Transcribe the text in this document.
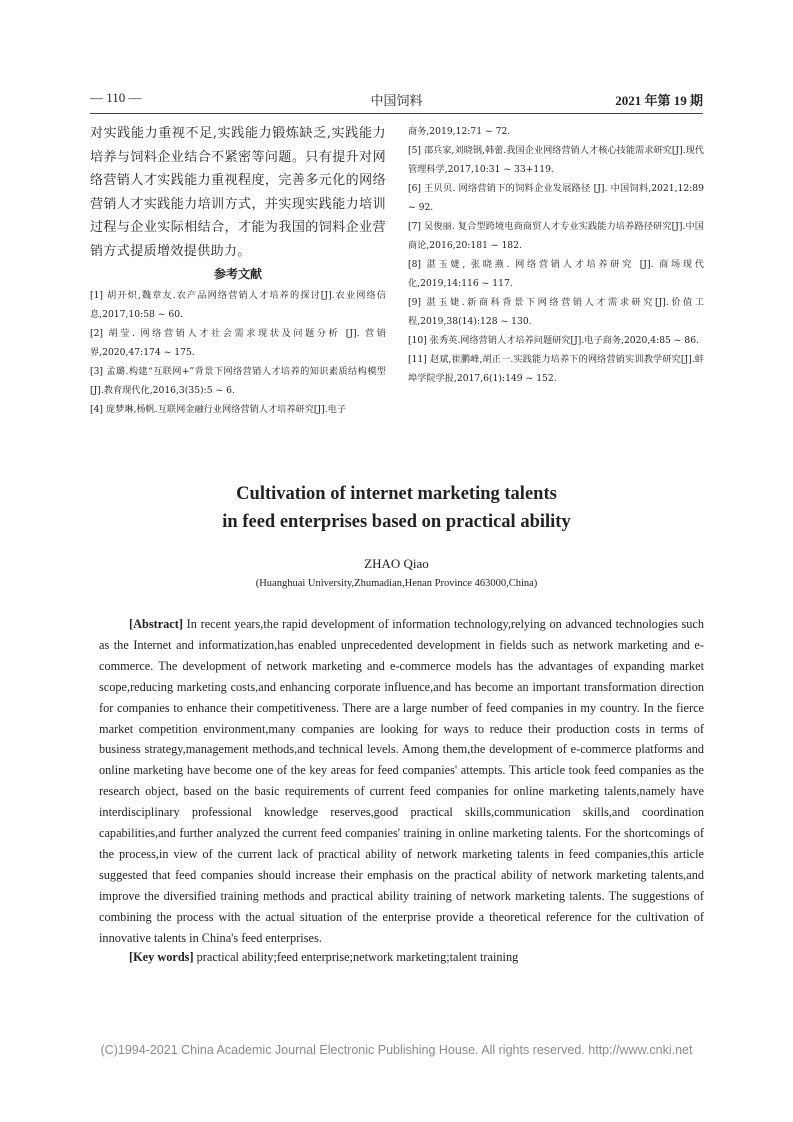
— 110 —	中国饲料	2021 年第 19 期

对实践能力重视不足,实践能力锻炼缺乏,实践能力培养与饲料企业结合不紧密等问题。只有提升对网络营销人才实践能力重视程度，完善多元化的网络营销人才实践能力培训方式，并实现实践能力培训过程与企业实际相结合，才能为我国的饲料企业营销方式提质增效提供助力。

参考文献
[1] 胡开炽,魏章友.农产品网络营销人才培养的探讨[J].农业网络信息,2017,10:58 ~ 60.
[2] 胡莹. 网络营销人才社会需求现状及问题分析 [J]. 营销界,2020,47:174 ~ 175.
[3] 孟璐.构建“互联网+”背景下网络营销人才培养的知识素质结构模型[J].教育现代化,2016,3(35):5 ~ 6.
[4] 庞梦琳,杨帆.互联网金融行业网络营销人才培养研究[J].电子
商务,2019,12:71 ~ 72.
[5] 邵兵家,刘晓钢,韩蕾.我国企业网络营销人才核心技能需求研究[J].现代管理科学,2017,10:31 ~ 33+119.
[6] 王贝贝. 网络营销下的饲料企业发展路径 [J]. 中国饲料,2021,12:89 ~ 92.
[7] 吴俊丽. 复合型跨境电商商贸人才专业实践能力培养路径研究[J].中国商论,2016,20:181 ~ 182.
[8] 湛玉婕, 张晓燕. 网络营销人才培养研究 [J]. 商场现代化,2019,14:116 ~ 117.
[9] 湛玉婕.新商科背景下网络营销人才需求研究[J].价值工程,2019,38(14):128 ~ 130.
[10] 张秀英.网络营销人才培养问题研究[J].电子商务,2020,4:85 ~ 86.
[11] 赵斌,崔鹏峰,胡正一.实践能力培养下的网络营销实训教学研究[J].蚌埠学院学报,2017,6(1):149 ~ 152.
Cultivation of internet marketing talents
in feed enterprises based on practical ability
ZHAO Qiao
(Huanghuai University,Zhumadian,Henan Province 463000,China)

[Abstract] In recent years,the rapid development of information technology,relying on advanced technologies such as the Internet and informatization,has enabled unprecedented development in fields such as network marketing and e-commerce. The development of network marketing and e-commerce models has the advantages of expanding market scope,reducing marketing costs,and enhancing corporate influence,and has become an important transformation direction for companies to enhance their competitiveness. There are a large number of feed companies in my country. In the fierce market competition environment,many companies are looking for ways to reduce their production costs in terms of business strategy,management methods,and technical levels. Among them,the development of e-commerce platforms and online marketing have become one of the key areas for feed companies' attempts. This article took feed companies as the research object, based on the basic requirements of current feed companies for online marketing talents,namely have interdisciplinary professional knowledge reserves,good practical skills,communication skills,and coordination capabilities,and further analyzed the current feed companies' training in online marketing talents. For the shortcomings of the process,in view of the current lack of practical ability of network marketing talents in feed companies,this article suggested that feed companies should increase their emphasis on the practical ability of network marketing talents,and improve the diversified training methods and practical ability training of network marketing talents. The suggestions of combining the process with the actual situation of the enterprise provide a theoretical reference for the cultivation of innovative talents in China's feed enterprises.

[Key words] practical ability;feed enterprise;network marketing;talent training
(C)1994-2021 China Academic Journal Electronic Publishing House. All rights reserved. http://www.cnki.net
